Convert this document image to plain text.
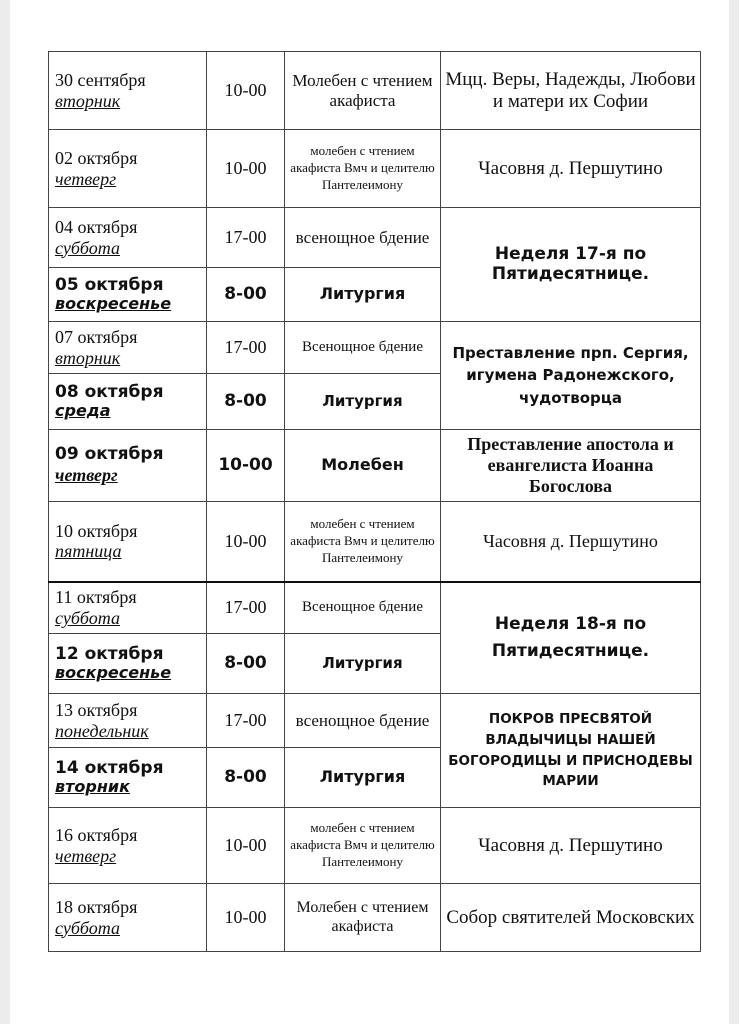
30 сентября
вторник	10-00	Молебен с чтением акафиста	Мцц. Веры, Надежды, Любови и матери их Софии

02 октября
четверг	10-00	молебен с чтением акафиста Вмч и целителю Пантелеимону	Часовня д. Першутино

04 октября
суббота	17-00	всенощное бдение	Неделя 17-я по Пятидесятнице.

05 октября
воскресенье	8-00	Литургия	

07 октября
вторник	17-00	Всенощное бдение	Преставление прп. Сергия, игумена Радонежского, чудотворца

08 октября
среда	8-00	Литургия	

09 октября
четверг	10-00	Молебен	Преставление апостола и евангелиста Иоанна Богослова

10 октября
пятница	10-00	молебен с чтением акафиста Вмч и целителю Пантелеимону	Часовня д. Першутино

11 октября
суббота	17-00	Всенощное бдение	Неделя 18-я по Пятидесятнице.

12 октября
воскресенье	8-00	Литургия	

13 октября
понедельник	17-00	всенощное бдение	ПОКРОВ ПРЕСВЯТОЙ ВЛАДЫЧИЦЫ НАШЕЙ БОГОРОДИЦЫ И ПРИСНОДЕВЫ МАРИИ

14 октября
вторник	8-00	Литургия	

16 октября
четверг	10-00	молебен с чтением акафиста Вмч и целителю Пантелеимону	Часовня д. Першутино

18 октября
суббота	10-00	Молебен с чтением акафиста	Собор святителей Московских
